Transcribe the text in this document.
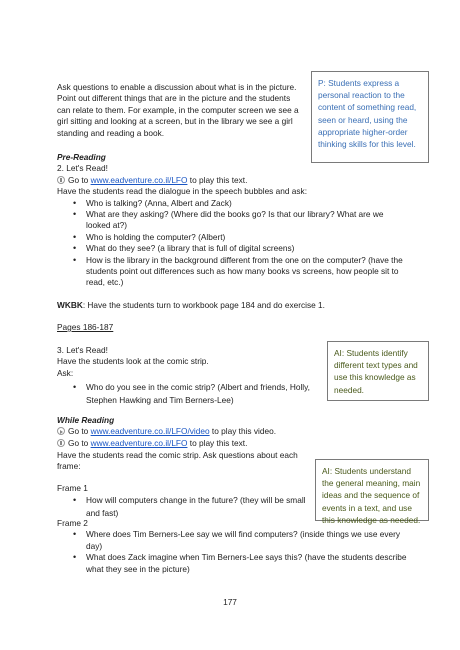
Ask questions to enable a discussion about what is in the picture. Point out different things that are in the picture and the students can relate to them. For example, in the computer screen we see a girl sitting and looking at a screen, but in the library we see a girl standing and reading a book.

P: Students express a personal reaction to the content of something read, seen or heard, using the appropriate higher-order thinking skills for this level.
Pre-Reading
2. Let's Read!
Go to www.eadventure.co.il/LFO to play this text.
Have the students read the dialogue in the speech bubbles and ask:
• Who is talking? (Anna, Albert and Zack)
• What are they asking? (Where did the books go? Is that our library? What are we looked at?)
• Who is holding the computer? (Albert)
• What do they see? (a library that is full of digital screens)
• How is the library in the background different from the one on the computer? (have the students point out differences such as how many books vs screens, how people sit to read, etc.)
WKBK: Have the students turn to workbook page 184 and do exercise 1.
Pages 186-187
3. Let's Read!
Have the students look at the comic strip.
Ask:
• Who do you see in the comic strip? (Albert and friends, Holly, Stephen Hawking and Tim Berners-Lee)
AI: Students identify different text types and use this knowledge as needed.
While Reading
Go to www.eadventure.co.il/LFO/video to play this video.
Go to www.eadventure.co.il/LFO to play this text.
Have the students read the comic strip. Ask questions about each frame:
Frame 1
• How will computers change in the future? (they will be small and fast)
AI: Students understand the general meaning, main ideas and the sequence of events in a text, and use this knowledge as needed.
Frame 2
• Where does Tim Berners-Lee say we will find computers? (inside things we use every day)
• What does Zack imagine when Tim Berners-Lee says this? (have the students describe what they see in the picture)
177
